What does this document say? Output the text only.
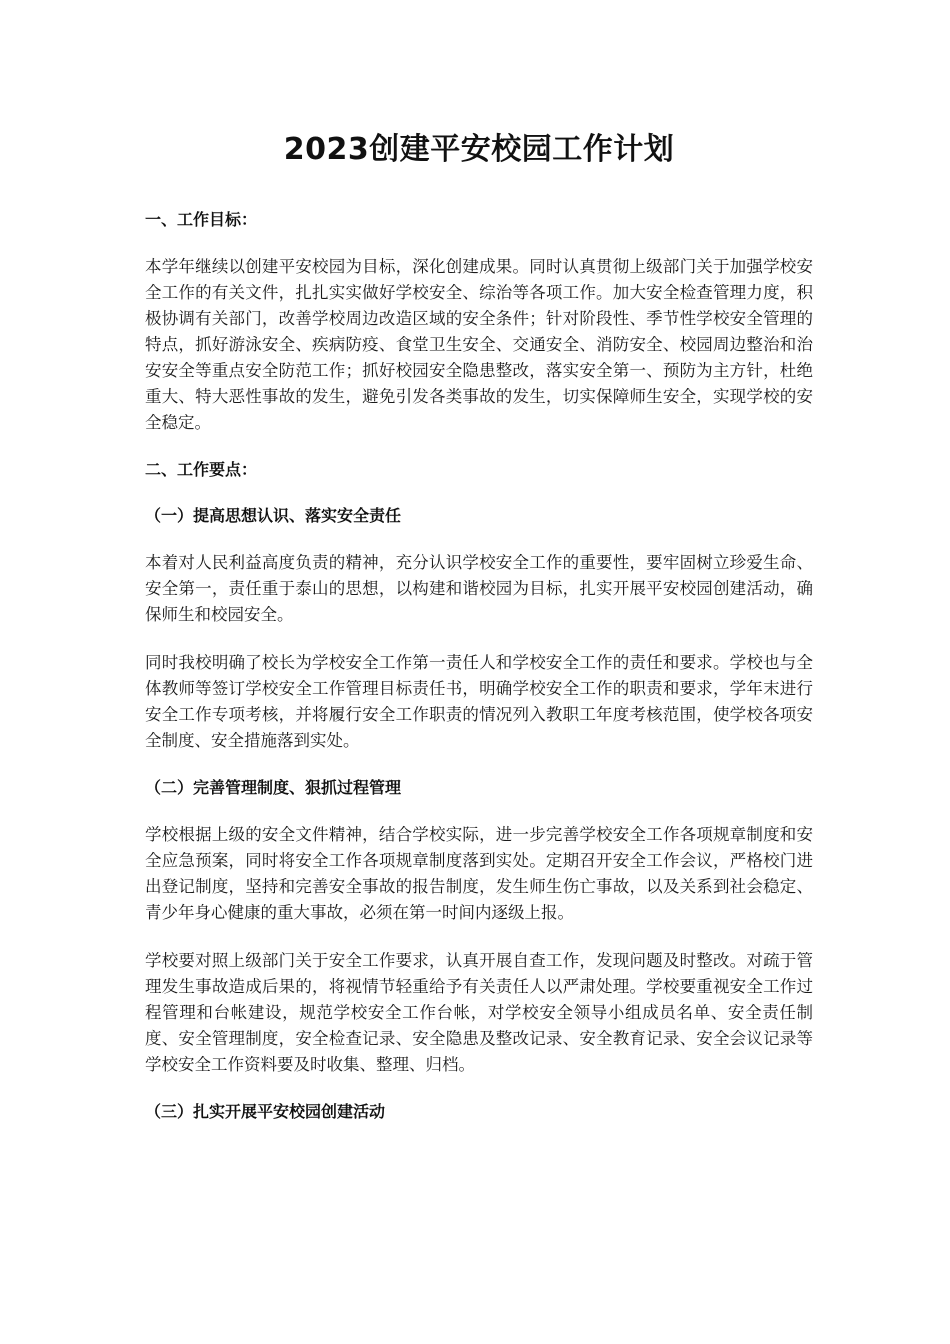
2023创建平安校园工作计划
一、工作目标：

本学年继续以创建平安校园为目标，深化创建成果。同时认真贯彻上级部门关于加强学校安全工作的有关文件，扎扎实实做好学校安全、综治等各项工作。加大安全检查管理力度，积极协调有关部门，改善学校周边改造区域的安全条件；针对阶段性、季节性学校安全管理的特点，抓好游泳安全、疾病防疫、食堂卫生安全、交通安全、消防安全、校园周边整治和治安安全等重点安全防范工作；抓好校园安全隐患整改，落实安全第一、预防为主方针，杜绝重大、特大恶性事故的发生，避免引发各类事故的发生，切实保障师生安全，实现学校的安全稳定。

二、工作要点：
（一）提高思想认识、落实安全责任

本着对人民利益高度负责的精神，充分认识学校安全工作的重要性，要牢固树立珍爱生命、安全第一，责任重于泰山的思想，以构建和谐校园为目标，扎实开展平安校园创建活动，确保师生和校园安全。

同时我校明确了校长为学校安全工作第一责任人和学校安全工作的责任和要求。学校也与全体教师等签订学校安全工作管理目标责任书，明确学校安全工作的职责和要求，学年末进行安全工作专项考核，并将履行安全工作职责的情况列入教职工年度考核范围，使学校各项安全制度、安全措施落到实处。

（二）完善管理制度、狠抓过程管理

学校根据上级的安全文件精神，结合学校实际，进一步完善学校安全工作各项规章制度和安全应急预案，同时将安全工作各项规章制度落到实处。定期召开安全工作会议，严格校门进出登记制度，坚持和完善安全事故的报告制度，发生师生伤亡事故，以及关系到社会稳定、青少年身心健康的重大事故，必须在第一时间内逐级上报。

学校要对照上级部门关于安全工作要求，认真开展自查工作，发现问题及时整改。对疏于管理发生事故造成后果的，将视情节轻重给予有关责任人以严肃处理。学校要重视安全工作过程管理和台帐建设，规范学校安全工作台帐，对学校安全领导小组成员名单、安全责任制度、安全管理制度，安全检查记录、安全隐患及整改记录、安全教育记录、安全会议记录等学校安全工作资料要及时收集、整理、归档。

（三）扎实开展平安校园创建活动
